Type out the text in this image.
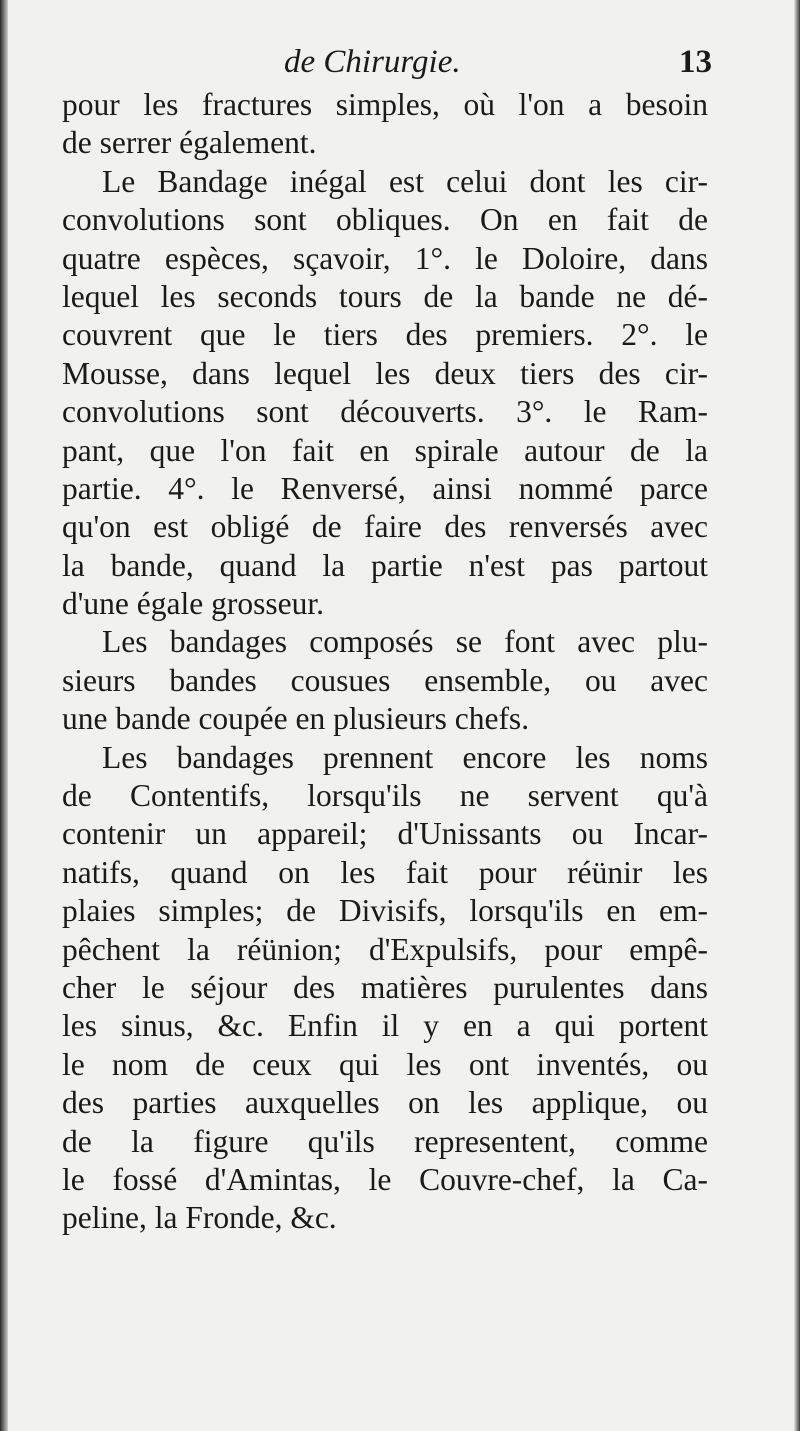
de Chirurgie.	13
pour les fractures simples, où l'on a besoin
de serrer également.
Le Bandage inégal est celui dont les cir-
convolutions sont obliques. On en fait de
quatre espèces, sçavoir, 1°. le Doloire, dans
lequel les seconds tours de la bande ne dé-
couvrent que le tiers des premiers. 2°. le
Mousse, dans lequel les deux tiers des cir-
convolutions sont découverts. 3°. le Ram-
pant, que l'on fait en spirale autour de la
partie. 4°. le Renversé, ainsi nommé parce
qu'on est obligé de faire des renversés avec
la bande, quand la partie n'est pas partout
d'une égale grosseur.
Les bandages composés se font avec plu-
sieurs bandes cousues ensemble, ou avec
une bande coupée en plusieurs chefs.
Les bandages prennent encore les noms
de Contentifs, lorsqu'ils ne servent qu'à
contenir un appareil; d'Unissants ou Incar-
natifs, quand on les fait pour réünir les
plaies simples; de Divisifs, lorsqu'ils en em-
pêchent la réünion; d'Expulsifs, pour empê-
cher le séjour des matières purulentes dans
les sinus, &c. Enfin il y en a qui portent
le nom de ceux qui les ont inventés, ou
des parties auxquelles on les applique, ou
de la figure qu'ils representent, comme
le fossé d'Amintas, le Couvre-chef, la Ca-
peline, la Fronde, &c.
